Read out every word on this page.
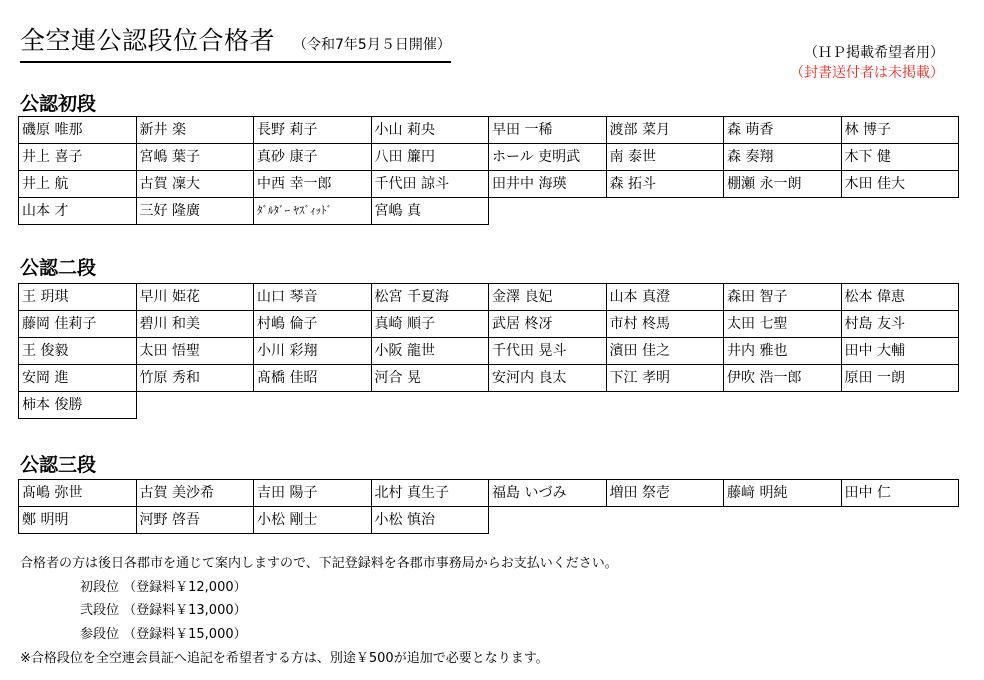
全空連公認段位合格者 （令和7年5月５日開催）	（ＨＰ掲載希望者用）
（封書送付者は未掲載）
公認初段
磯原 唯那	新井 楽	長野 莉子	小山 莉央	早田 一稀	渡部 菜月	森 萌香	林 博子
井上 喜子	宮嶋 葉子	真砂 康子	八田 簾円	ホール 吏明武	南 泰世	森 奏翔	木下 健
井上 航	古賀 凜大	中西 幸一郎	千代田 諒斗	田井中 海瑛	森 拓斗	棚瀬 永一朗	木田 佳大
山本 才	三好 隆廣	ﾀﾞﾙﾀﾞｰ ﾔｽﾞｨｯﾄﾞ	宮嶋 真
公認二段
王 玥琪	早川 姫花	山口 琴音	松宮 千夏海	金澤 良妃	山本 真澄	森田 智子	松本 偉恵
藤岡 佳莉子	碧川 和美	村嶋 倫子	真崎 順子	武居 柊冴	市村 柊馬	太田 七聖	村島 友斗
王 俊毅	太田 悟聖	小川 彩翔	小阪 龍世	千代田 晃斗	濱田 佳之	井内 雅也	田中 大輔
安岡 進	竹原 秀和	髙橋 佳昭	河合 晃	安河内 良太	下江 孝明	伊吹 浩一郎	原田 一朗
柿本 俊勝
公認三段
髙嶋 弥世	古賀 美沙希	吉田 陽子	北村 真生子	福島 いづみ	増田 祭壱	藤﨑 明純	田中 仁
鄭 明明	河野 啓吾	小松 剛士	小松 慎治
合格者の方は後日各郡市を通じて案内しますので、下記登録料を各郡市事務局からお支払いください。
初段位 （登録料￥12,000）
弐段位 （登録料￥13,000）
参段位 （登録料￥15,000）
※合格段位を全空連会員証へ追記を希望者する方は、別途￥500が追加で必要となります。
